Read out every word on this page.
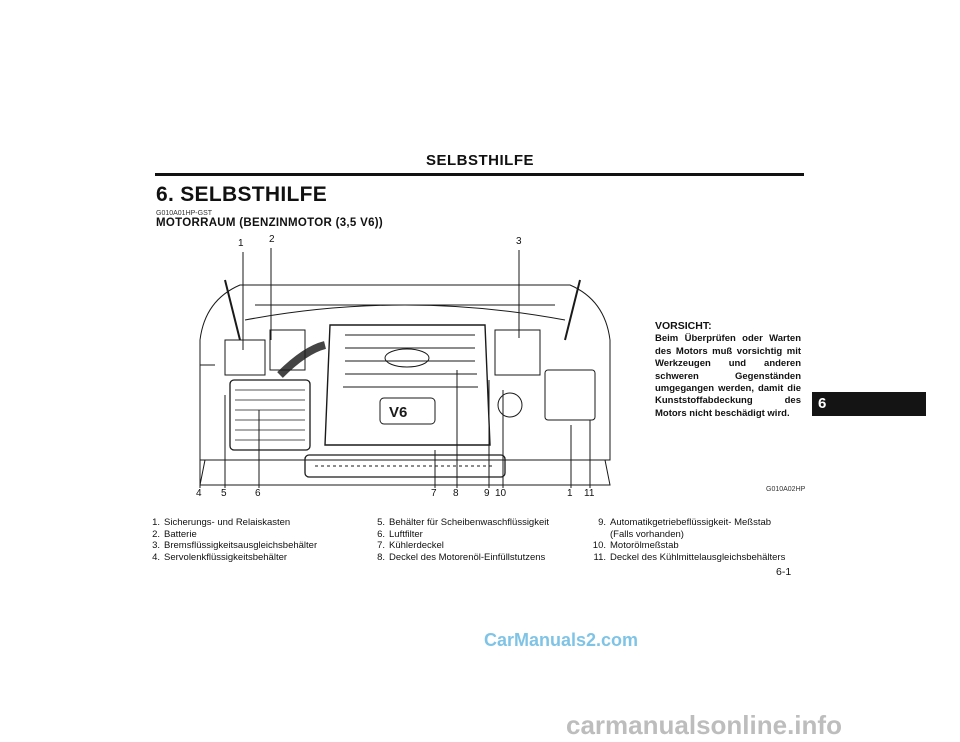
SELBSTHILFE
6. SELBSTHILFE
G010A01HP-GST
MOTORRAUM (BENZINMOTOR (3,5 V6))
V6
1	2	3
4 5	6	7 8	9 10	1 11	G010A02HP
VORSICHT:
Beim Überprüfen oder Warten des Motors muß vorsichtig mit Werkzeugen und anderen schweren Gegenständen umgegangen werden, damit die Kunststoffabdeckung des Motors nicht beschädigt wird.
6
1. Sicherungs- und Relaiskasten
2. Batterie
3. Bremsflüssigkeitsausgleichsbehälter
4. Servolenkflüssigkeitsbehälter
5. Behälter für Scheibenwaschflüssigkeit
6. Luftfilter
7. Kühlerdeckel
8. Deckel des Motorenöl-Einfüllstutzens
9. Automatikgetriebeflüssigkeit- Meßstab
(Falls vorhanden)
10. Motorölmeßstab
11. Deckel des Kühlmittelausgleichsbehälters
6-1
CarManuals2.com
carmanualsonline.info
